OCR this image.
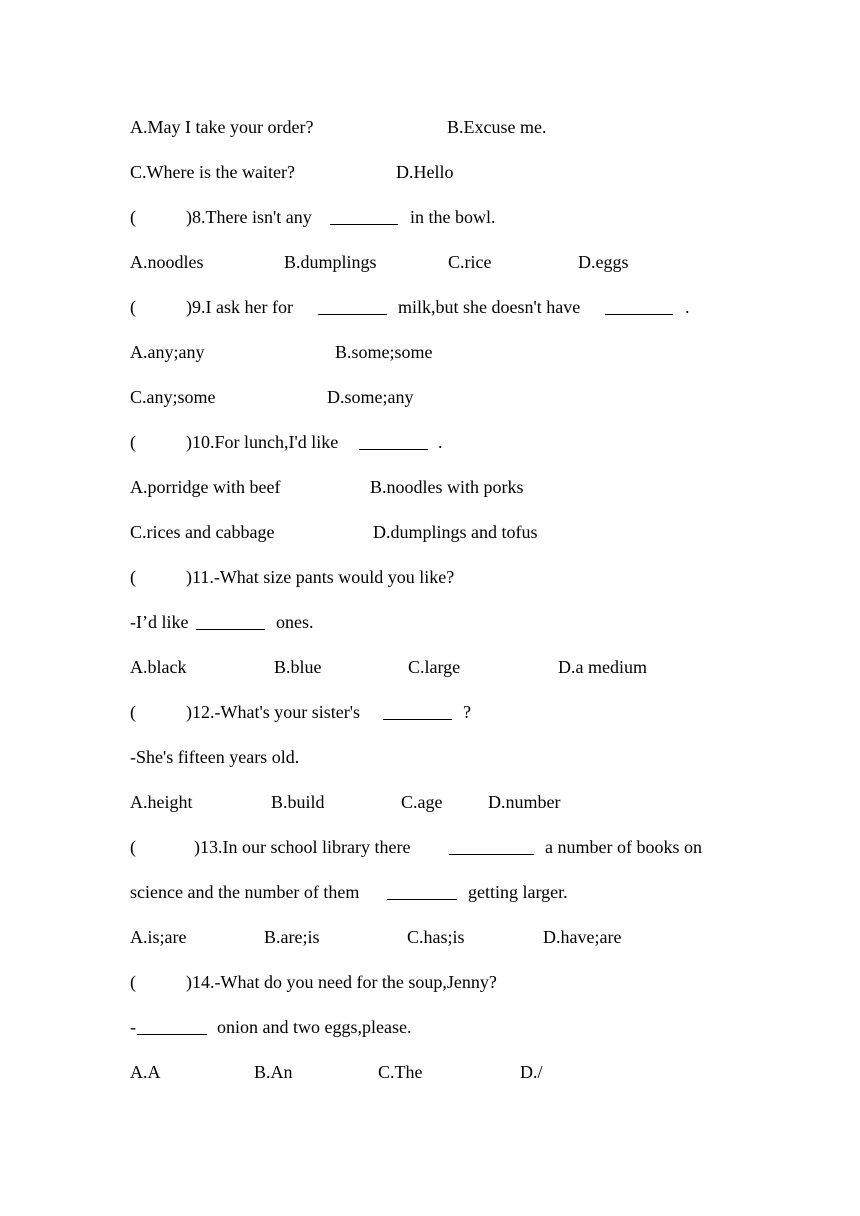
A.May I take your order?

	B.Excuse me.

C.Where is the waiter?

	D.Hello

(

	)8.There isn't any

	in the bowl.

A.noodles

	B.dumplings

	C.rice

	D.eggs

(

	)9.I ask her for

	milk,but she doesn't have

	.

A.any;any

	B.some;some

C.any;some

	D.some;any

(

	)10.For lunch,I'd like

	.

A.porridge with beef

	B.noodles with porks

C.rices and cabbage

	D.dumplings and tofus

(

	)11.-What size pants would you like?

-I’d like

	ones.

A.black

	B.blue

	C.large

	D.a medium

(

	)12.-What's your sister's

	?

-She's fifteen years old.

A.height

	B.build

	C.age

	D.number

(

	)13.In our school library there

	a number of books on

science and the number of them

	getting larger.

A.is;are

	B.are;is

	C.has;is

	D.have;are

(

	)14.-What do you need for the soup,Jenny?

-

	onion and two eggs,please.

A.A

	B.An

	C.The

	D./
